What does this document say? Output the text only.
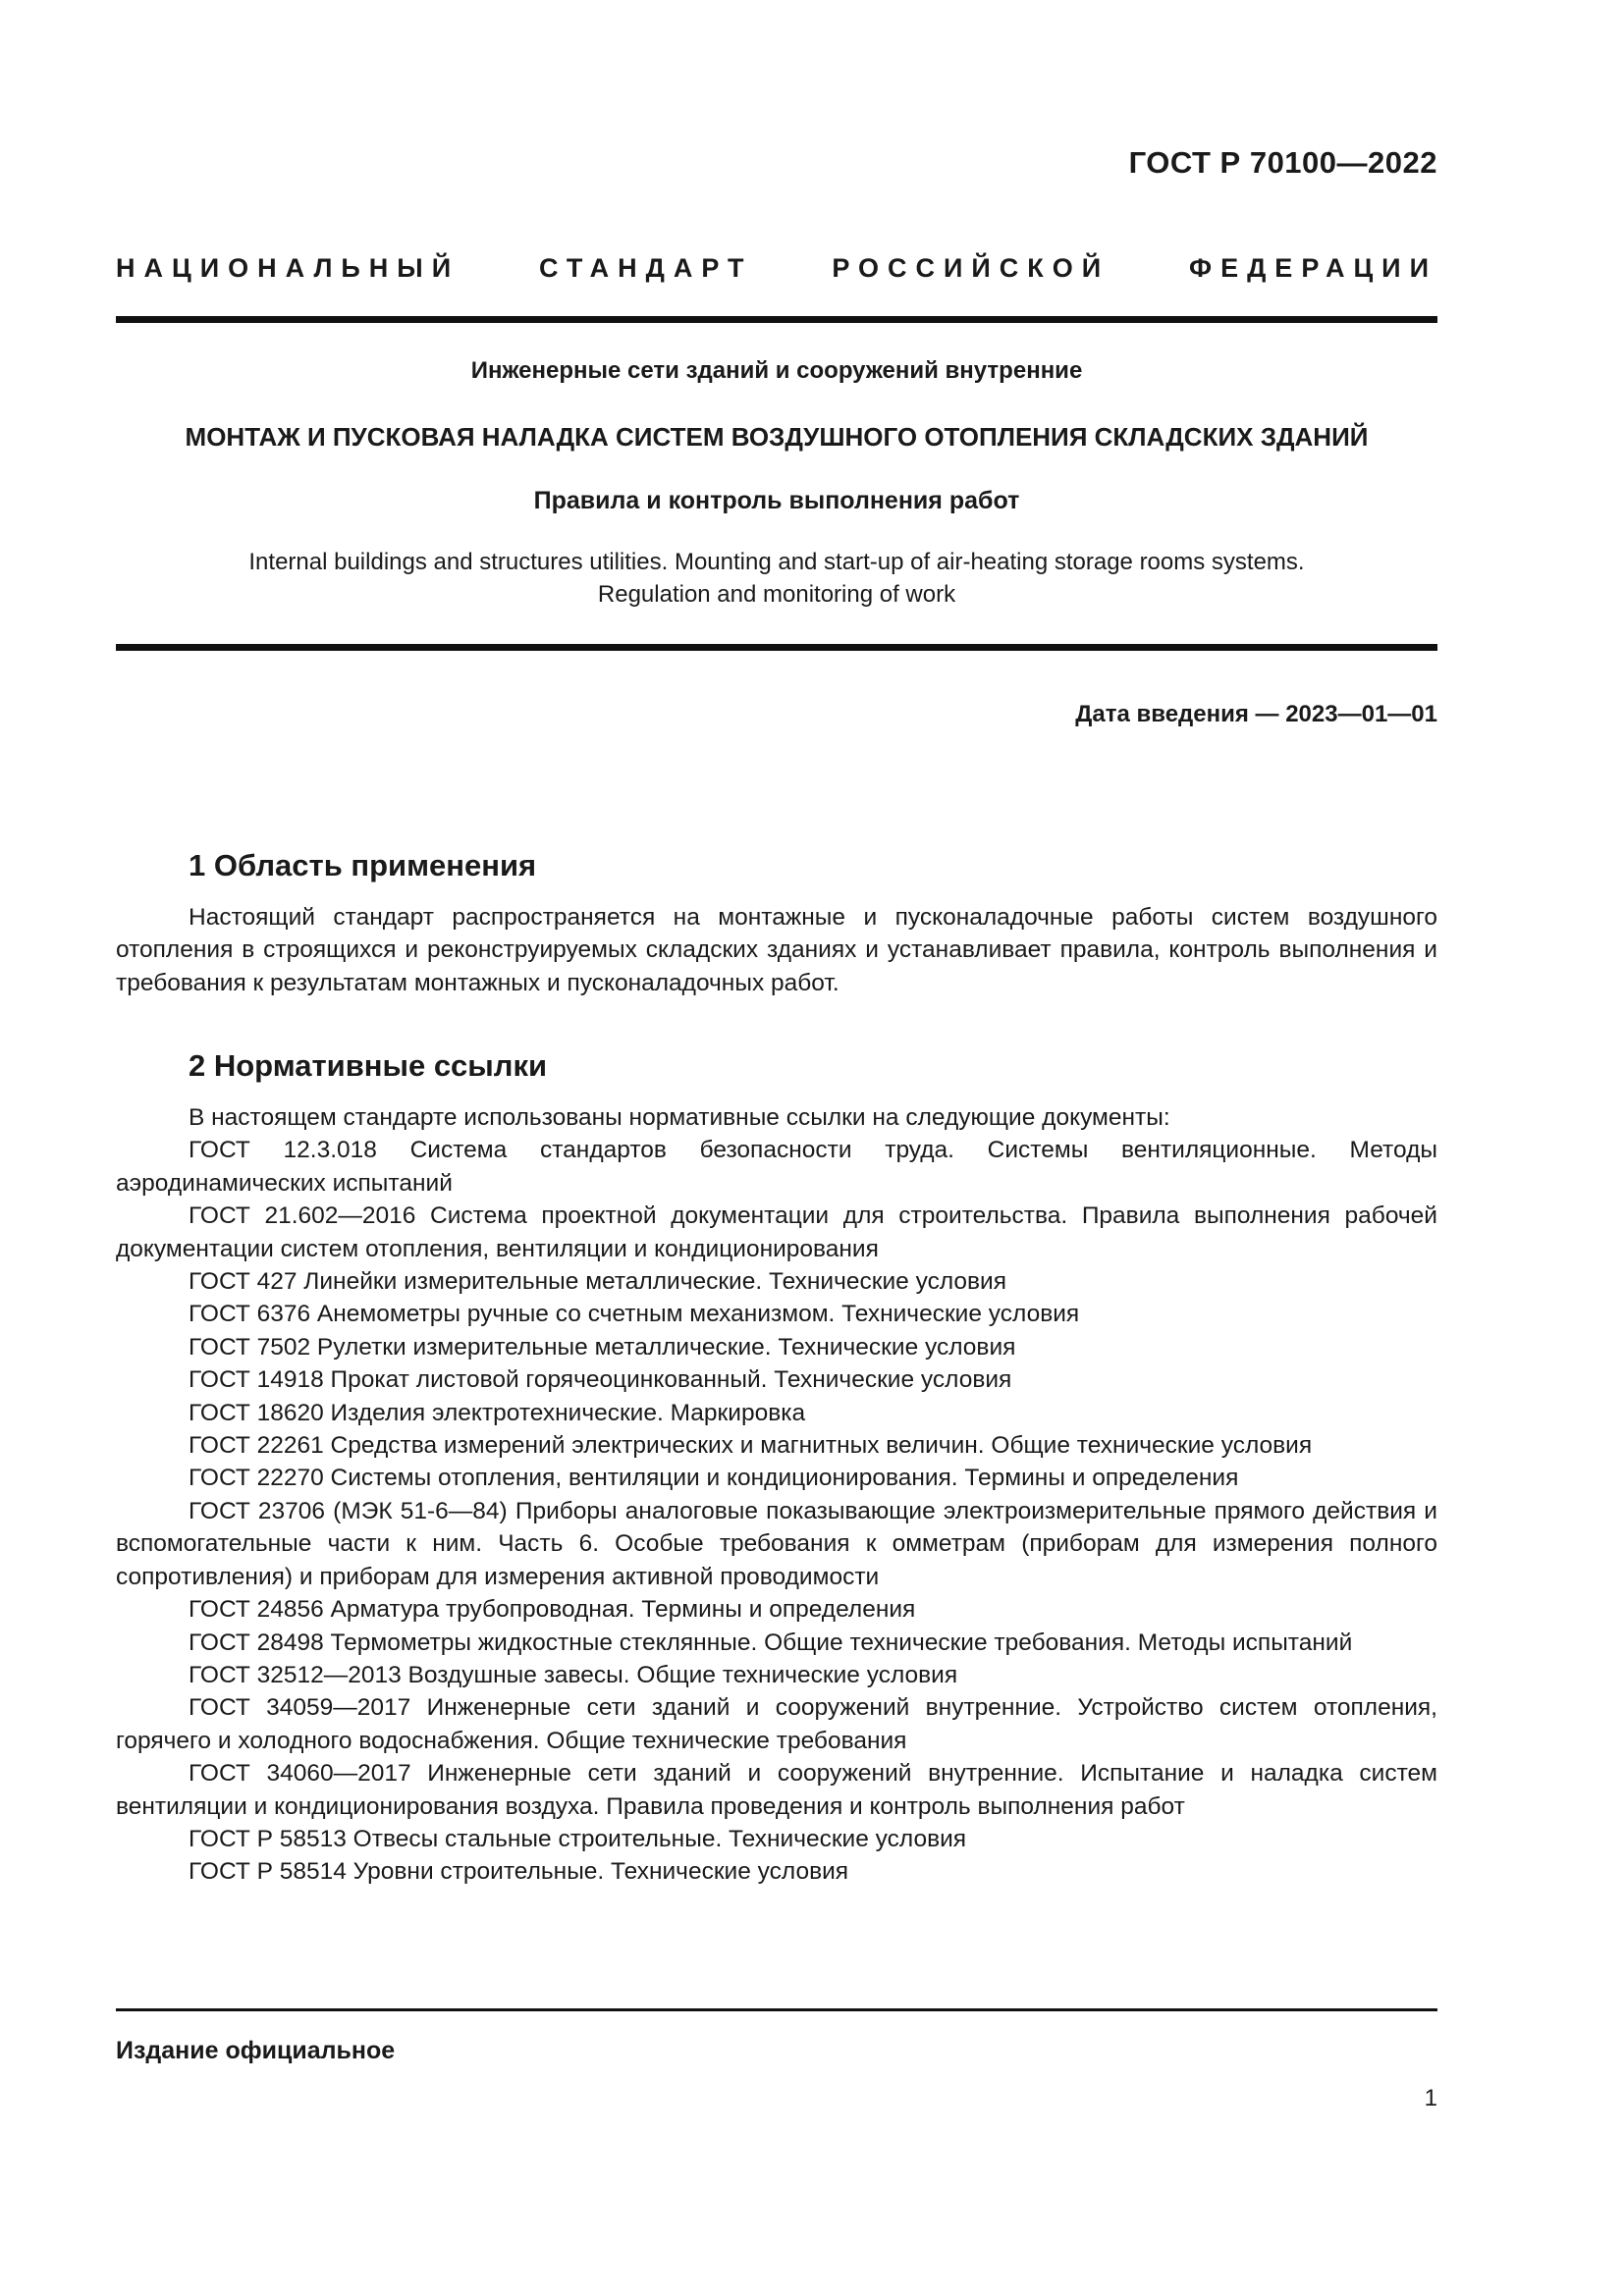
ГОСТ Р 70100—2022
НАЦИОНАЛЬНЫЙ СТАНДАРТ РОССИЙСКОЙ ФЕДЕРАЦИИ
Инженерные сети зданий и сооружений внутренние
МОНТАЖ И ПУСКОВАЯ НАЛАДКА СИСТЕМ ВОЗДУШНОГО ОТОПЛЕНИЯ СКЛАДСКИХ ЗДАНИЙ
Правила и контроль выполнения работ
Internal buildings and structures utilities. Mounting and start-up of air-heating storage rooms systems.
Regulation and monitoring of work
Дата введения — 2023—01—01
1 Область применения

Настоящий стандарт распространяется на монтажные и пусконаладочные работы систем воздушного отопления в строящихся и реконструируемых складских зданиях и устанавливает правила, контроль выполнения и требования к результатам монтажных и пусконаладочных работ.

2 Нормативные ссылки

В настоящем стандарте использованы нормативные ссылки на следующие документы:

ГОСТ 12.3.018 Система стандартов безопасности труда. Системы вентиляционные. Методы аэродинамических испытаний

ГОСТ 21.602—2016 Система проектной документации для строительства. Правила выполнения рабочей документации систем отопления, вентиляции и кондиционирования

ГОСТ 427 Линейки измерительные металлические. Технические условия

ГОСТ 6376 Анемометры ручные со счетным механизмом. Технические условия

ГОСТ 7502 Рулетки измерительные металлические. Технические условия

ГОСТ 14918 Прокат листовой горячеоцинкованный. Технические условия

ГОСТ 18620 Изделия электротехнические. Маркировка

ГОСТ 22261 Средства измерений электрических и магнитных величин. Общие технические условия

ГОСТ 22270 Системы отопления, вентиляции и кондиционирования. Термины и определения

ГОСТ 23706 (МЭК 51-6—84) Приборы аналоговые показывающие электроизмерительные прямого действия и вспомогательные части к ним. Часть 6. Особые требования к омметрам (приборам для измерения полного сопротивления) и приборам для измерения активной проводимости

ГОСТ 24856 Арматура трубопроводная. Термины и определения

ГОСТ 28498 Термометры жидкостные стеклянные. Общие технические требования. Методы испытаний

ГОСТ 32512—2013 Воздушные завесы. Общие технические условия

ГОСТ 34059—2017 Инженерные сети зданий и сооружений внутренние. Устройство систем отопления, горячего и холодного водоснабжения. Общие технические требования

ГОСТ 34060—2017 Инженерные сети зданий и сооружений внутренние. Испытание и наладка систем вентиляции и кондиционирования воздуха. Правила проведения и контроль выполнения работ

ГОСТ Р 58513 Отвесы стальные строительные. Технические условия

ГОСТ Р 58514 Уровни строительные. Технические условия

Издание официальное
1
